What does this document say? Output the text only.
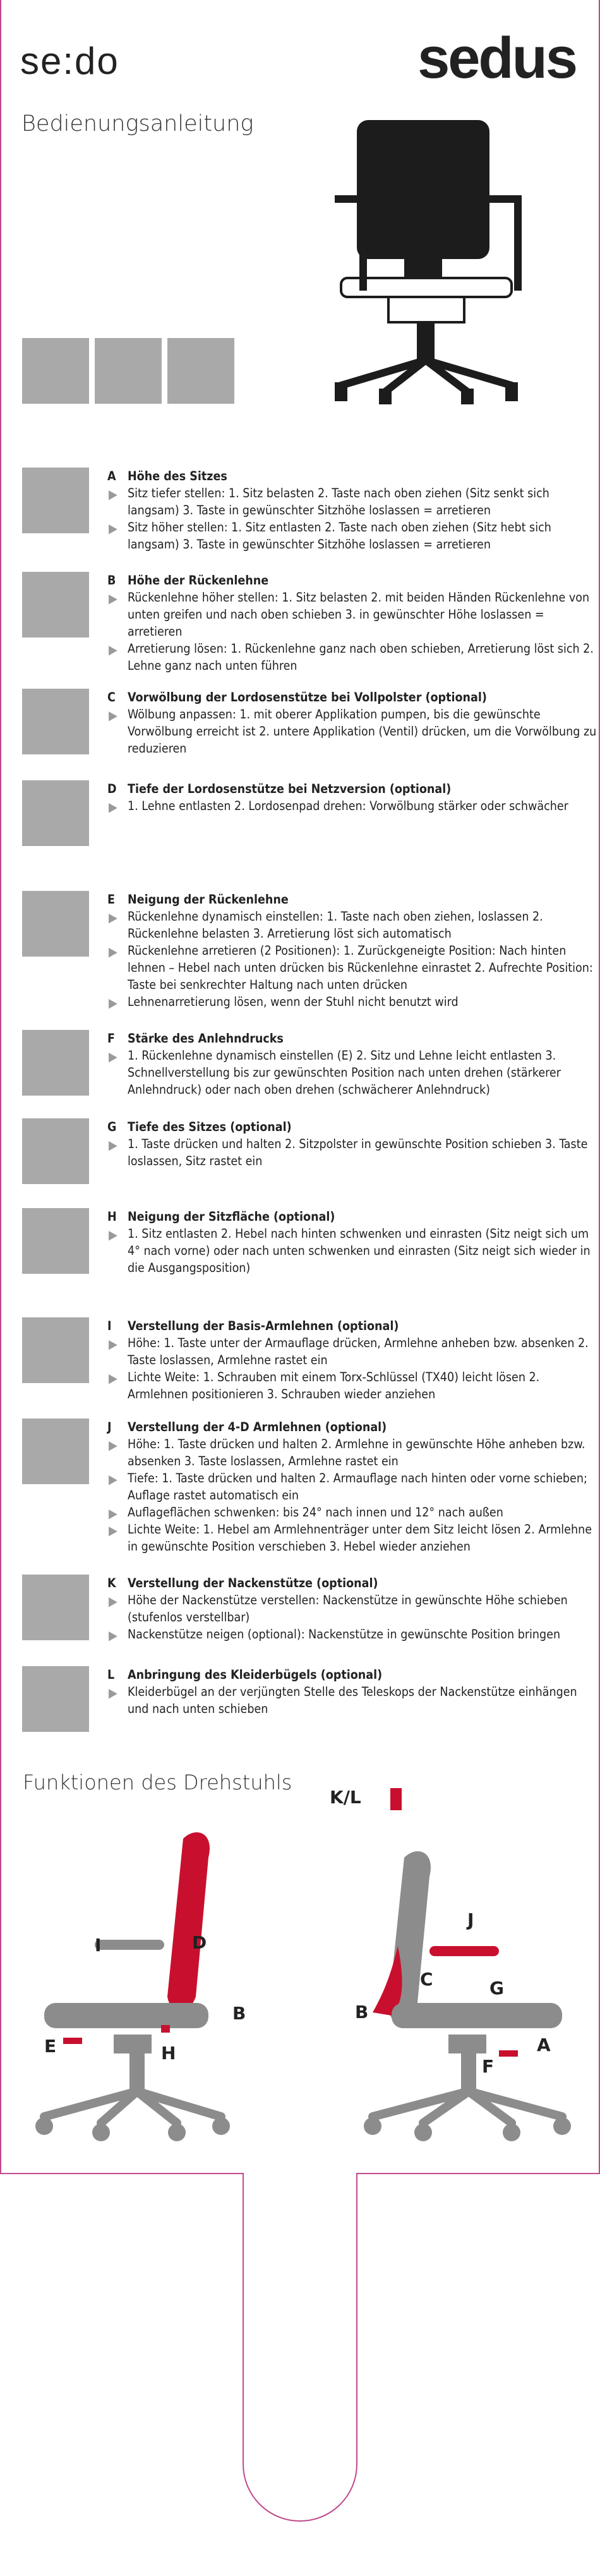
se:do	sedus
Bedienungsanleitung
A Höhe des Sitzes
▶ Sitz tiefer stellen: 1. Sitz belasten 2. Taste nach oben ziehen (Sitz senkt sich langsam) 3. Taste in gewünschter Sitzhöhe loslassen = arretieren
▶ Sitz höher stellen: 1. Sitz entlasten 2. Taste nach oben ziehen (Sitz hebt sich langsam) 3. Taste in gewünschter Sitzhöhe loslassen = arretieren
B Höhe der Rückenlehne
▶ Rückenlehne höher stellen: 1. Sitz belasten 2. mit beiden Händen Rückenlehne von unten greifen und nach oben schieben 3. in gewünschter Höhe loslassen = arretieren
▶ Arretierung lösen: 1. Rückenlehne ganz nach oben schieben, Arretierung löst sich 2. Lehne ganz nach unten führen
C Vorwölbung der Lordosenstütze bei Vollpolster (optional)
▶ Wölbung anpassen: 1. mit oberer Applikation pumpen, bis die gewünschte Vorwölbung erreicht ist 2. untere Applikation (Ventil) drücken, um die Vorwölbung zu reduzieren
D Tiefe der Lordosenstütze bei Netzversion (optional)
▶ 1. Lehne entlasten 2. Lordosenpad drehen: Vorwölbung stärker oder schwächer
E Neigung der Rückenlehne
▶ Rückenlehne dynamisch einstellen: 1. Taste nach oben ziehen, loslassen 2. Rückenlehne belasten 3. Arretierung löst sich automatisch
▶ Rückenlehne arretieren (2 Positionen): 1. Zurückgeneigte Position: Nach hinten lehnen – Hebel nach unten drücken bis Rückenlehne einrastet 2. Aufrechte Position: Taste bei senkrechter Haltung nach unten drücken
▶ Lehnenarretierung lösen, wenn der Stuhl nicht benutzt wird
F Stärke des Anlehndrucks
▶ 1. Rückenlehne dynamisch einstellen (E) 2. Sitz und Lehne leicht entlasten 3. Schnellverstellung bis zur gewünschten Position nach unten drehen (stärkerer Anlehndruck) oder nach oben drehen (schwächerer Anlehndruck)
G Tiefe des Sitzes (optional)
▶ 1. Taste drücken und halten 2. Sitzpolster in gewünschte Position schieben 3. Taste loslassen, Sitz rastet ein
H Neigung der Sitzfläche (optional)
▶ 1. Sitz entlasten 2. Hebel nach hinten schwenken und einrasten (Sitz neigt sich um 4° nach vorne) oder nach unten schwenken und einrasten (Sitz neigt sich wieder in die Ausgangsposition)
I Verstellung der Basis-Armlehnen (optional)
▶ Höhe: 1. Taste unter der Armauflage drücken, Armlehne anheben bzw. absenken 2. Taste loslassen, Armlehne rastet ein
▶ Lichte Weite: 1. Schrauben mit einem Torx-Schlüssel (TX40) leicht lösen 2. Armlehnen positionieren 3. Schrauben wieder anziehen
J Verstellung der 4-D Armlehnen (optional)
▶ Höhe: 1. Taste drücken und halten 2. Armlehne in gewünschte Höhe anheben bzw. absenken 3. Taste loslassen, Armlehne rastet ein
▶ Tiefe: 1. Taste drücken und halten 2. Armauflage nach hinten oder vorne schieben; Auflage rastet automatisch ein
▶ Auflageflächen schwenken: bis 24° nach innen und 12° nach außen
▶ Lichte Weite: 1. Hebel am Armlehnenträger unter dem Sitz leicht lösen 2. Armlehne in gewünschte Position verschieben 3. Hebel wieder anziehen
K Verstellung der Nackenstütze (optional)
▶ Höhe der Nackenstütze verstellen: Nackenstütze in gewünschte Höhe schieben (stufenlos verstellbar)
▶ Nackenstütze neigen (optional): Nackenstütze in gewünschte Position bringen
L Anbringung des Kleiderbügels (optional)
▶ Kleiderbügel an der verjüngten Stelle des Teleskops der Nackenstütze einhängen und nach unten schieben
Funktionen des Drehstuhls
I	D
B
E	H
K/L
J
C	G
B
A
F
